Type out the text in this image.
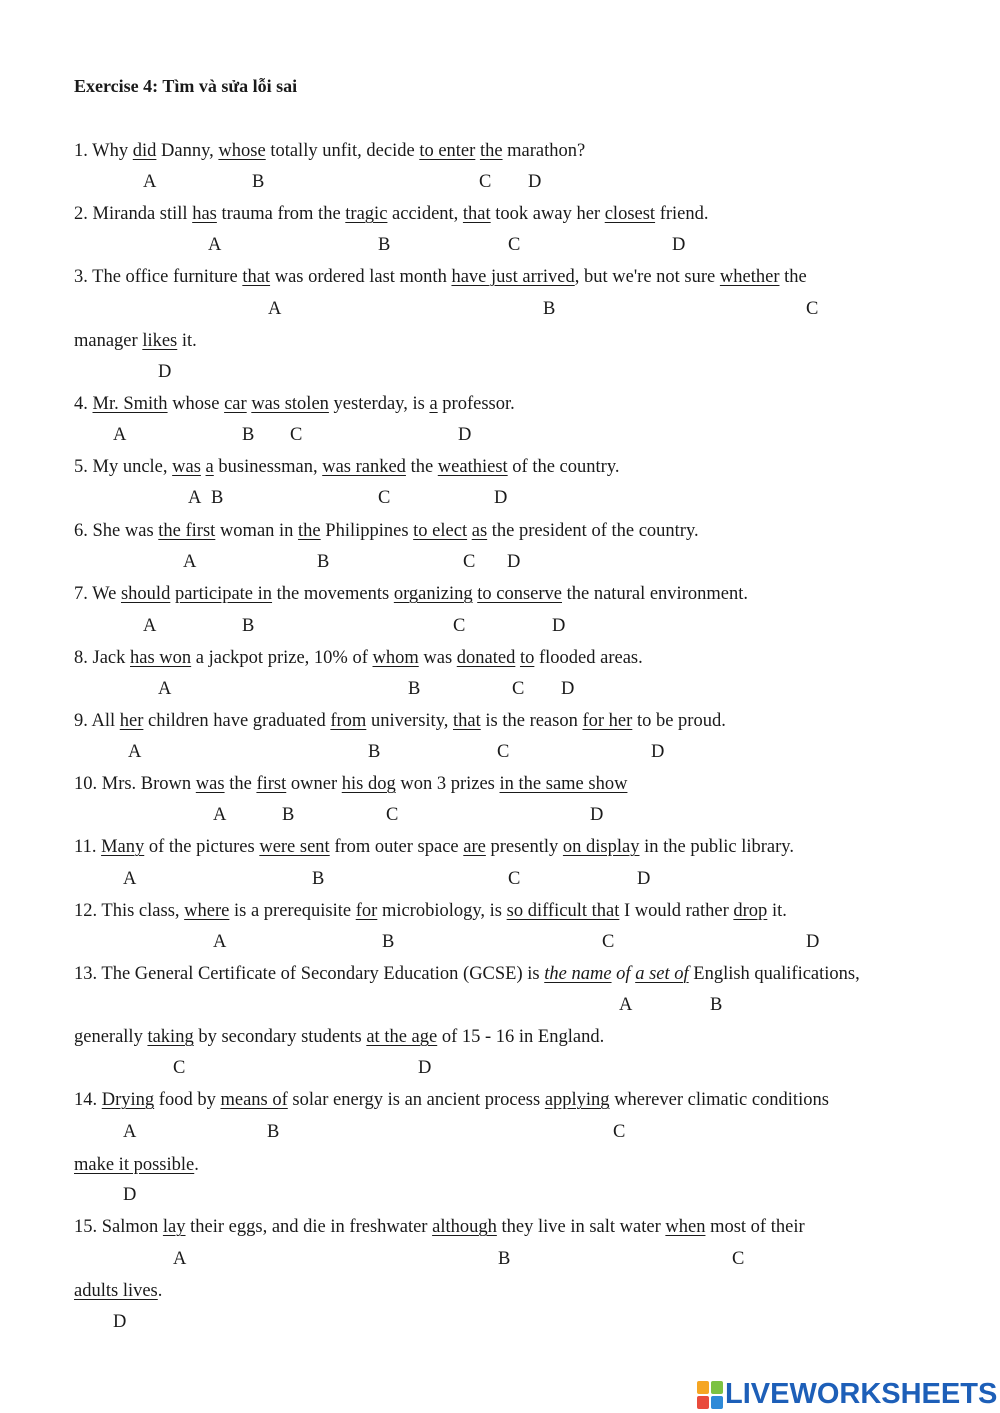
Exercise 4: Tìm và sửa lỗi sai
1. Why did Danny, whose totally unfit, decide to enter the marathon?
A	B	C D
2. Miranda still has trauma from the tragic accident, that took away her closest friend.
A	B	C	D
3. The office furniture that was ordered last month have just arrived, but we're not sure whether the
manager likes it.
A	B	C
D
4. Mr. Smith whose car was stolen yesterday, is a professor.
A	B C	D
5. My uncle, was a businessman, was ranked the weathiest of the country.
A B	C	D
6. She was the first woman in the Philippines to elect as the president of the country.
A	B	C D
7. We should participate in the movements organizing to conserve the natural environment.
A	B	C	D
8. Jack has won a jackpot prize, 10% of whom was donated to flooded areas.
A	B	C D
9. All her children have graduated from university, that is the reason for her to be proud.
A	B	C	D
10. Mrs. Brown was the first owner his dog won 3 prizes in the same show
A	B	C	D
11. Many of the pictures were sent from outer space are presently on display in the public library.
A	B	C	D
12. This class, where is a prerequisite for microbiology, is so difficult that I would rather drop it.
A	B	C	D
13. The General Certificate of Secondary Education (GCSE) is the name of a set of English qualifications,
generally taking by secondary students at the age of 15 - 16 in England.
A	B
C	D
14. Drying food by means of solar energy is an ancient process applying wherever climatic conditions
make it possible.
A	B	C
D
15. Salmon lay their eggs, and die in freshwater although they live in salt water when most of their
adults lives.
A	B	C
D
LIVEWORKSHEETS
